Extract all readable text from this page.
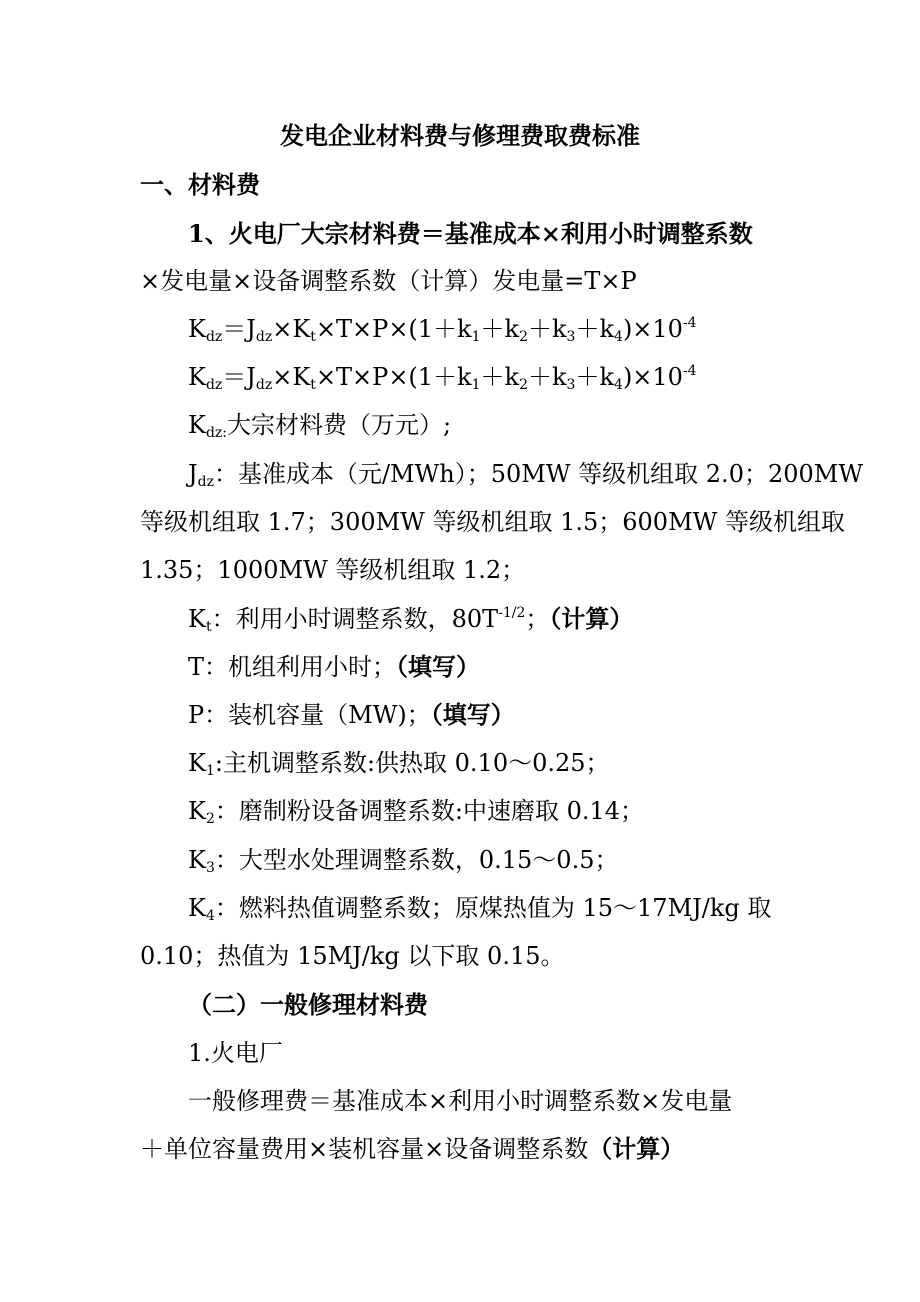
发电企业材料费与修理费取费标准
一、材料费
1、火电厂大宗材料费＝基准成本×利用小时调整系数
×发电量×设备调整系数（计算）发电量=T×P
$K_{dz}=J_{dz}\times K_t\times T\times P\times(1+k_1+k_2+k_3+k_4)\times 10^{-4}$
$K_{dz}=J_{dz}\times K_t\times T\times P\times(1+k_1+k_2+k_3+k_4)\times 10^{-4}$
$K_{dz:}$大宗材料费（万元）;
$J_{dz}$：基准成本（元/MWh）；50MW 等级机组取 2.0；200MW
等级机组取 1.7；300MW 等级机组取 1.5；600MW 等级机组取
1.35；1000MW 等级机组取 1.2；
$K_t$：利用小时调整系数，$80T^{-1/2}$；（计算）
T：机组利用小时；（填写）
P：装机容量（MW)；（填写）
$K_1$:主机调整系数:供热取 0.10～0.25；
$K_2$：磨制粉设备调整系数:中速磨取 0.14；
$K_3$：大型水处理调整系数，0.15～0.5；
$K_4$：燃料热值调整系数；原煤热值为 15～17MJ/kg 取
0.10；热值为 15MJ/kg 以下取 0.15。
（二）一般修理材料费
1.火电厂
一般修理费＝基准成本×利用小时调整系数×发电量
＋单位容量费用×装机容量×设备调整系数（计算）
